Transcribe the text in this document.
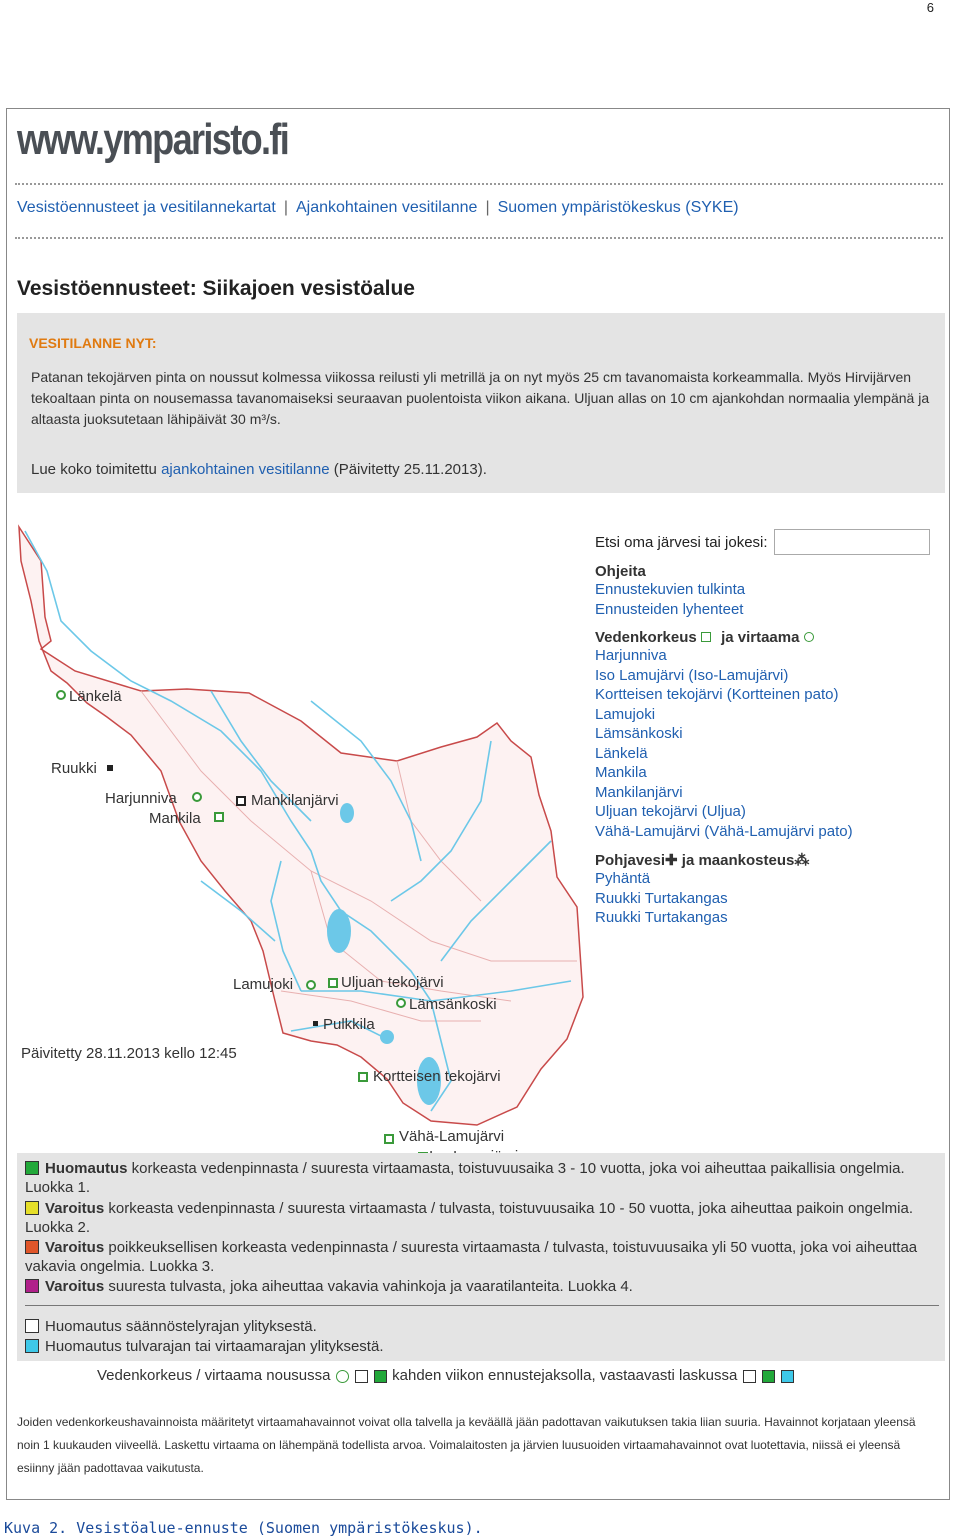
6
www.ymparisto.fi
Vesistöennusteet ja vesitilannekartat | Ajankohtainen vesitilanne | Suomen ympäristökeskus (SYKE)
Vesistöennusteet: Siikajoen vesistöalue
VESITILANNE NYT:
Patanan tekojärven pinta on noussut kolmessa viikossa reilusti yli metrillä ja on nyt myös 25 cm tavanomaista korkeammalla. Myös Hirvijärven tekoaltaan pinta on nousemassa tavanomaiseksi seuraavan puolentoista viikon aikana. Uljuan allas on 10 cm ajankohdan normaalia ylempänä ja altaasta juoksutetaan lähipäivät 30 m³/s.
Lue koko toimitettu ajankohtainen vesitilanne (Päivitetty 25.11.2013).
Länkelä
Ruukki
Harjunniva
Mankila
Mankilanjärvi
Lamujoki	Uljuan tekojärvi
Lämsänkoski
Pulkkila
Kortteisen tekojärvi
Vähä-Lamujärvi
Päivitetty 28.11.2013 kello 12:45
Etsi oma järvesi tai jokesi:
Ohjeita
Ennustekuvien tulkinta
Ennusteiden lyhenteet
Vedenkorkeus ja virtaama
Harjunniva
Iso Lamujärvi (Iso-Lamujärvi)
Kortteisen tekojärvi (Kortteinen pato)
Lamujoki
Lämsänkoski
Länkelä
Mankila
Mankilanjärvi
Uljuan tekojärvi (Uljua)
Vähä-Lamujärvi (Vähä-Lamujärvi pato)
Pohjavesi✚ ja maankosteus⁂
Pyhäntä
Ruukki Turtakangas
Ruukki Turtakangas
Huomautus korkeasta vedenpinnasta / suuresta virtaamasta, toistuvuusaika 3 - 10 vuotta, joka voi aiheuttaa paikallisia ongelmia. Luokka 1.
Varoitus korkeasta vedenpinnasta / suuresta virtaamasta / tulvasta, toistuvuusaika 10 - 50 vuotta, joka aiheuttaa paikoin ongelmia. Luokka 2.
Varoitus poikkeuksellisen korkeasta vedenpinnasta / suuresta virtaamasta / tulvasta, toistuvuusaika yli 50 vuotta, joka voi aiheuttaa vakavia ongelmia. Luokka 3.
Varoitus suuresta tulvasta, joka aiheuttaa vakavia vahinkoja ja vaaratilanteita. Luokka 4.
Huomautus säännöstelyrajan ylityksestä.
Huomautus tulvarajan tai virtaamarajan ylityksestä.
Vedenkorkeus / virtaama nousussa	kahden viikon ennustejaksolla, vastaavasti laskussa
Joiden vedenkorkeushavainnoista määritetyt virtaamahavainnot voivat olla talvella ja keväällä jään padottavan vaikutuksen takia liian suuria. Havainnot korjataan yleensä noin 1 kuukauden viiveellä. Laskettu virtaama on lähempänä todellista arvoa. Voimalaitosten ja järvien luusuoiden virtaamahavainnot ovat luotettavia, niissä ei yleensä esiinny jään padottavaa vaikutusta.
Kuva 2. Vesistöalue-ennuste (Suomen ympäristökeskus).
